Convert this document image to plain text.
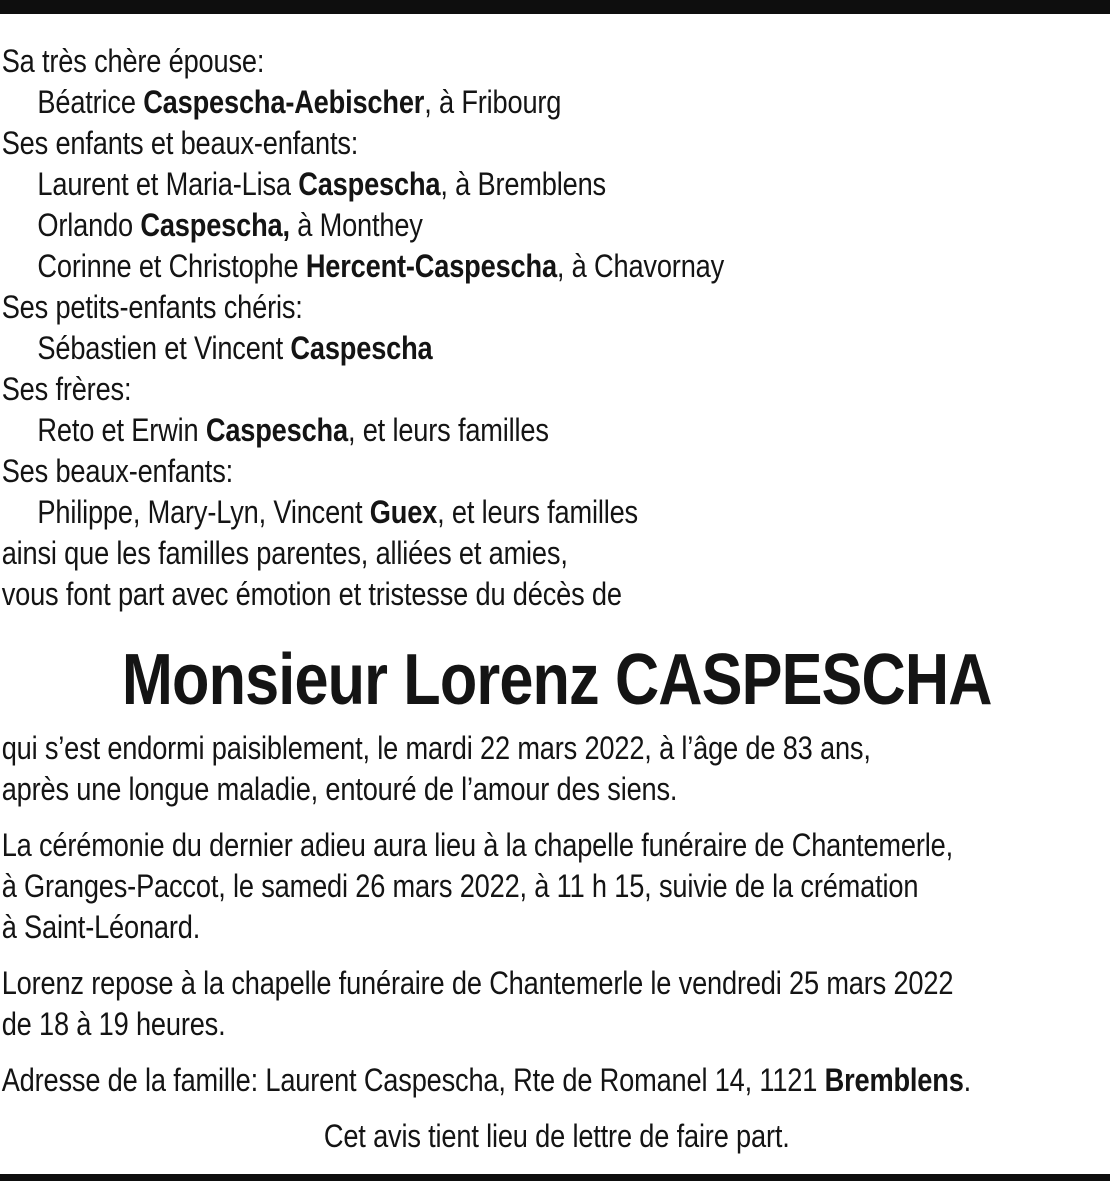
Sa très chère épouse:
Béatrice Caspescha-Aebischer, à Fribourg
Ses enfants et beaux-enfants:
Laurent et Maria-Lisa Caspescha, à Bremblens
Orlando Caspescha, à Monthey
Corinne et Christophe Hercent-Caspescha, à Chavornay
Ses petits-enfants chéris:
Sébastien et Vincent Caspescha
Ses frères:
Reto et Erwin Caspescha, et leurs familles
Ses beaux-enfants:
Philippe, Mary-Lyn, Vincent Guex, et leurs familles
ainsi que les familles parentes, alliées et amies,
vous font part avec émotion et tristesse du décès de
Monsieur Lorenz CASPESCHA
qui s’est endormi paisiblement, le mardi 22 mars 2022, à l’âge de 83 ans,
après une longue maladie, entouré de l’amour des siens.
La cérémonie du dernier adieu aura lieu à la chapelle funéraire de Chantemerle,
à Granges-Paccot, le samedi 26 mars 2022, à 11 h 15, suivie de la crémation
à Saint-Léonard.
Lorenz repose à la chapelle funéraire de Chantemerle le vendredi 25 mars 2022
de 18 à 19 heures.
Adresse de la famille: Laurent Caspescha, Rte de Romanel 14, 1121 Bremblens.
Cet avis tient lieu de lettre de faire part.
